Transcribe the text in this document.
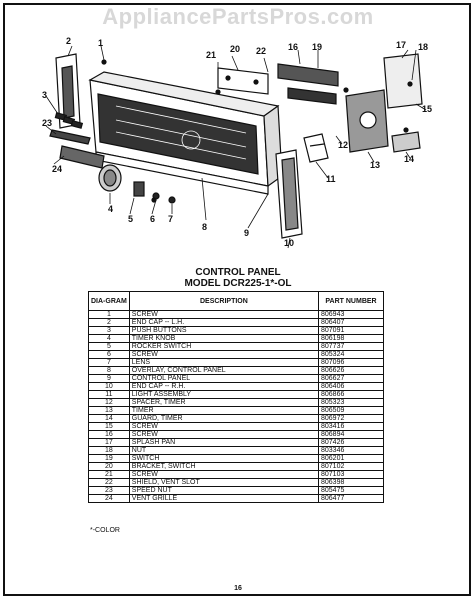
AppliancePartsPros.com
2	1
3
23
24
4
5 6 7
8
9
10
11
12
13
14
15
16	17 18
19
20
21	22
CONTROL PANEL
MODEL DCR225-1*-OL
DIA-GRAM	DESCRIPTION	PART NUMBER
1	SCREW	806943
2	END CAP -- L.H.	806407
3	PUSH BUTTONS	807091
4	TIMER KNOB	806198
5	ROCKER SWITCH	807737
6	SCREW	805324
7	LENS	807096
8	OVERLAY, CONTROL PANEL	806626
9	CONTROL PANEL	806627
10	END CAP -- R.H.	806406
11	LIGHT ASSEMBLY	806866
12	SPACER, TIMER	805323
13	TIMER	806509
14	GUARD, TIMER	806972
15	SCREW	803416
16	SCREW	806894
17	SPLASH PAN	807426
18	NUT	803346
19	SWITCH	806201
20	BRACKET, SWITCH	807102
21	SCREW	807103
22	SHIELD, VENT SLOT	806398
23	SPEED NUT	805475
24	VENT GRILLE	806477
*-COLOR
16
